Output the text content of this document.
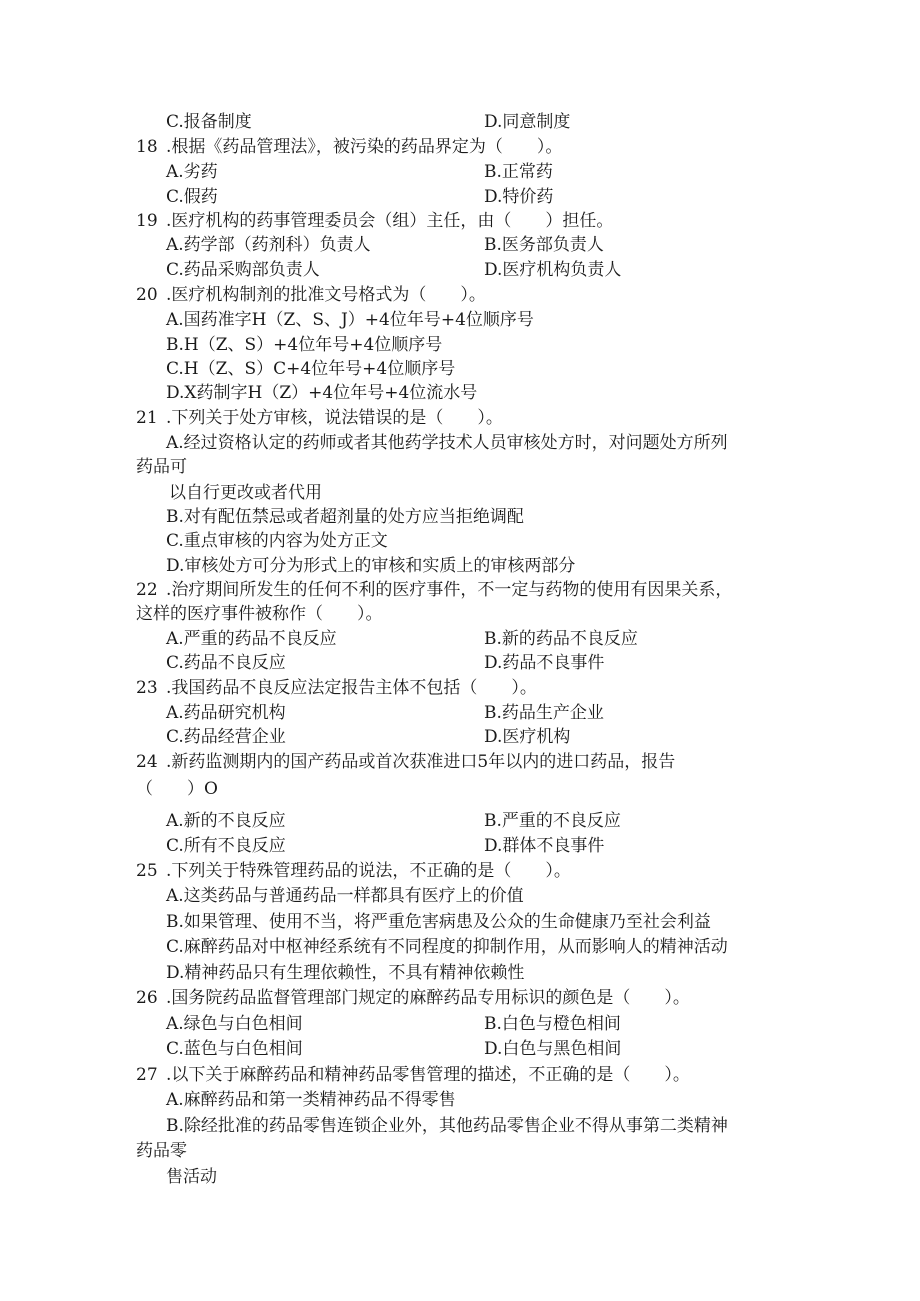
C.报备制度	D.同意制度
18 .根据《药品管理法》，被污染的药品界定为（　　）。
A.劣药	B.正常药
C.假药	D.特价药
19 .医疗机构的药事管理委员会（组）主任，由（　　）担任。
A.药学部（药剂科）负责人	B.医务部负责人
C.药品采购部负责人	D.医疗机构负责人
20 .医疗机构制剂的批准文号格式为（　　）。
A.国药准字H（Z、S、J）+4位年号+4位顺序号
B.H（Z、S）+4位年号+4位顺序号
C.H（Z、S）C+4位年号+4位顺序号
D.X药制字H（Z）+4位年号+4位流水号
21 .下列关于处方审核，说法错误的是（　　）。
A.经过资格认定的药师或者其他药学技术人员审核处方时，对问题处方所列
药品可
以自行更改或者代用
B.对有配伍禁忌或者超剂量的处方应当拒绝调配
C.重点审核的内容为处方正文
D.审核处方可分为形式上的审核和实质上的审核两部分
22 .治疗期间所发生的任何不利的医疗事件，不一定与药物的使用有因果关系，
这样的医疗事件被称作（　　）。
A.严重的药品不良反应	B.新的药品不良反应
C.药品不良反应	D.药品不良事件
23 .我国药品不良反应法定报告主体不包括（　　）。
A.药品研究机构	B.药品生产企业
C.药品经营企业	D.医疗机构
24 .新药监测期内的国产药品或首次获准进口5年以内的进口药品，报告
（　　）O
A.新的不良反应	B.严重的不良反应
C.所有不良反应	D.群体不良事件
25 .下列关于特殊管理药品的说法，不正确的是（　　）。
A.这类药品与普通药品一样都具有医疗上的价值
B.如果管理、使用不当，将严重危害病患及公众的生命健康乃至社会利益
C.麻醉药品对中枢神经系统有不同程度的抑制作用，从而影响人的精神活动
D.精神药品只有生理依赖性，不具有精神依赖性
26 .国务院药品监督管理部门规定的麻醉药品专用标识的颜色是（　　）。
A.绿色与白色相间	B.白色与橙色相间
C.蓝色与白色相间	D.白色与黑色相间
27 .以下关于麻醉药品和精神药品零售管理的描述，不正确的是（　　）。
A.麻醉药品和第一类精神药品不得零售
B.除经批准的药品零售连锁企业外，其他药品零售企业不得从事第二类精神
药品零
售活动
